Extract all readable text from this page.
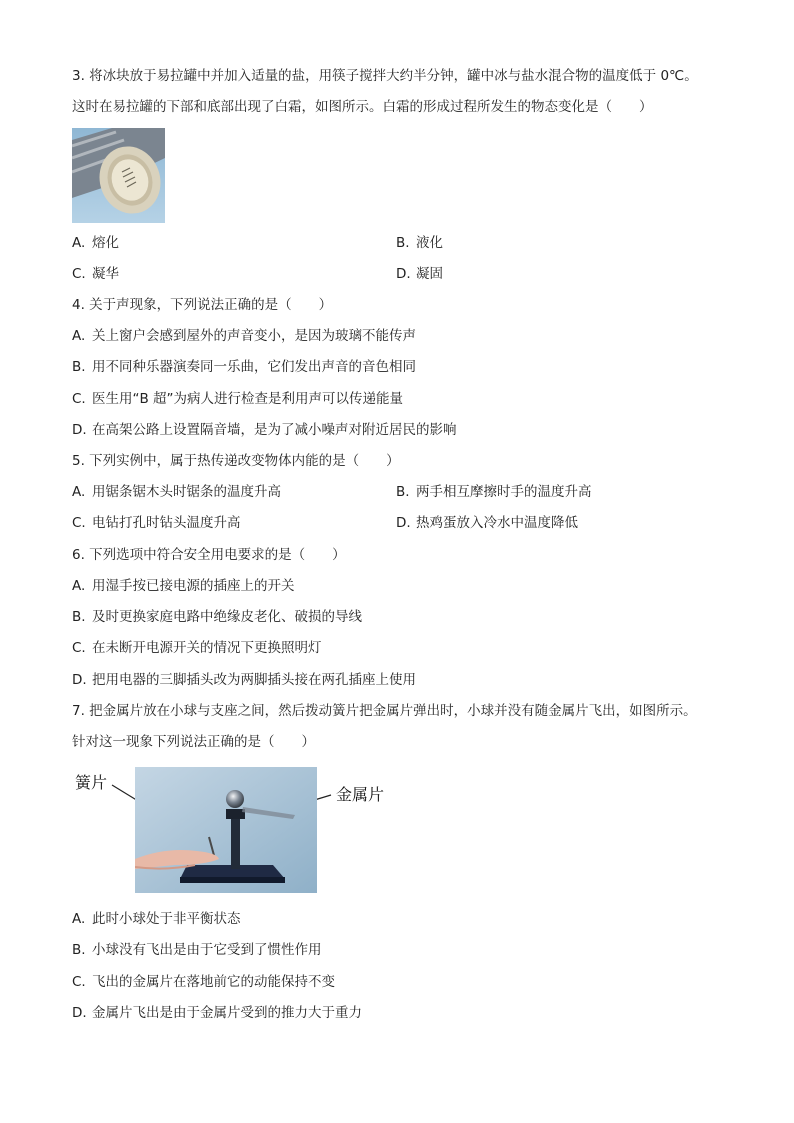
3. 将冰块放于易拉罐中并加入适量的盐，用筷子搅拌大约半分钟，罐中冰与盐水混合物的温度低于 0℃。
这时在易拉罐的下部和底部出现了白霜，如图所示。白霜的形成过程所发生的物态变化是（　　）
A. 熔化	B. 液化
C. 凝华	D. 凝固
4. 关于声现象，下列说法正确的是（　　）
A. 关上窗户会感到屋外的声音变小，是因为玻璃不能传声
B. 用不同种乐器演奏同一乐曲，它们发出声音的音色相同
C. 医生用“B 超”为病人进行检查是利用声可以传递能量
D. 在高架公路上设置隔音墙，是为了减小噪声对附近居民的影响
5. 下列实例中，属于热传递改变物体内能的是（　　）
A. 用锯条锯木头时锯条的温度升高	B. 两手相互摩擦时手的温度升高
C. 电钻打孔时钻头温度升高	D. 热鸡蛋放入冷水中温度降低
6. 下列选项中符合安全用电要求的是（　　）
A. 用湿手按已接电源的插座上的开关
B. 及时更换家庭电路中绝缘皮老化、破损的导线
C. 在未断开电源开关的情况下更换照明灯
D. 把用电器的三脚插头改为两脚插头接在两孔插座上使用
7. 把金属片放在小球与支座之间，然后拨动簧片把金属片弹出时，小球并没有随金属片飞出，如图所示。
针对这一现象下列说法正确的是（　　）
簧片
金属片
A. 此时小球处于非平衡状态
B. 小球没有飞出是由于它受到了惯性作用
C. 飞出的金属片在落地前它的动能保持不变
D. 金属片飞出是由于金属片受到的推力大于重力
